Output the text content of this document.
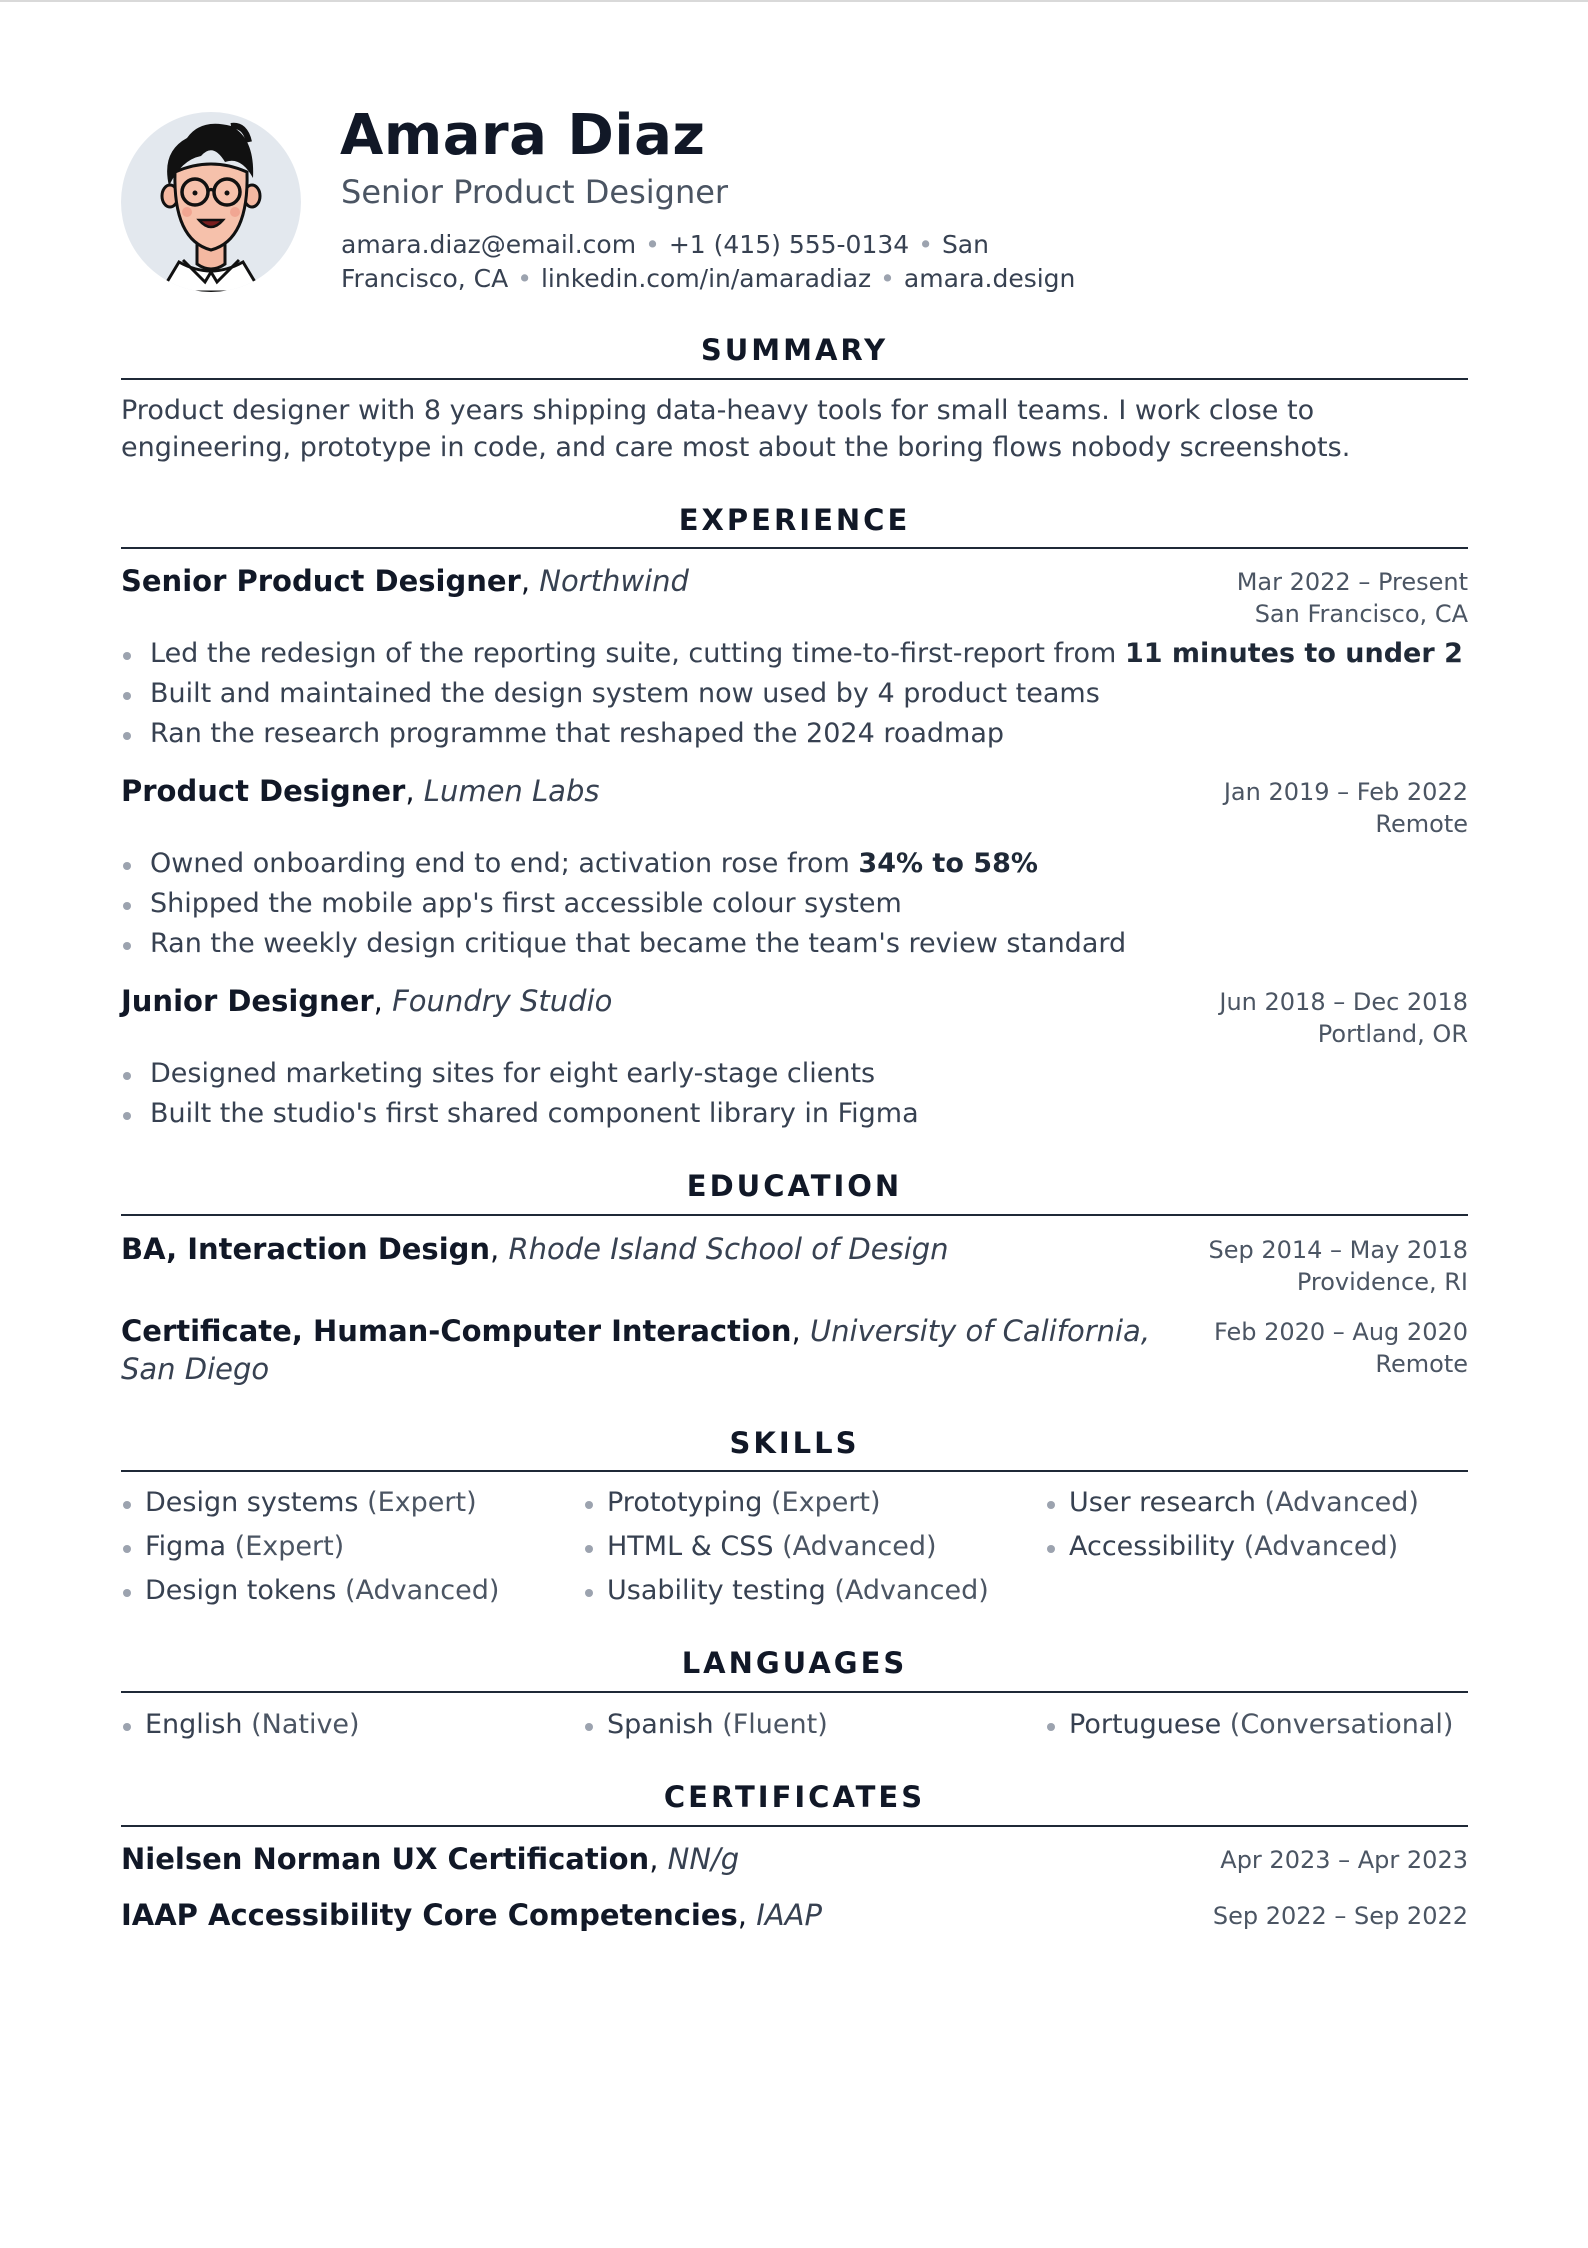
Amara Diaz
Senior Product Designer
amara.diaz@email.com • +1 (415) 555-0134 • San Francisco, CA • linkedin.com/in/amaradiaz • amara.design
SUMMARY

Product designer with 8 years shipping data-heavy tools for small teams. I work close to engineering, prototype in code, and care most about the boring flows nobody screenshots.

EXPERIENCE
Senior Product Designer, Northwind	Mar 2022 – Present
San Francisco, CA
Led the redesign of the reporting suite, cutting time-to-first-report from 11 minutes to under 2
Built and maintained the design system now used by 4 product teams
Ran the research programme that reshaped the 2024 roadmap
Product Designer, Lumen Labs	Jan 2019 – Feb 2022
Remote
Owned onboarding end to end; activation rose from 34% to 58%
Shipped the mobile app's first accessible colour system
Ran the weekly design critique that became the team's review standard
Junior Designer, Foundry Studio	Jun 2018 – Dec 2018
Portland, OR
Designed marketing sites for eight early-stage clients
Built the studio's first shared component library in Figma
EDUCATION
BA, Interaction Design, Rhode Island School of Design	Sep 2014 – May 2018
Providence, RI
Certificate, Human-Computer Interaction, University of California, San Diego
Feb 2020 – Aug 2020
Remote
SKILLS
Design systems (Expert)	Prototyping (Expert)	User research (Advanced)
Figma (Expert)	HTML & CSS (Advanced)	Accessibility (Advanced)
Design tokens (Advanced)	Usability testing (Advanced)
LANGUAGES
English (Native)	Spanish (Fluent)	Portuguese (Conversational)
CERTIFICATES
Nielsen Norman UX Certification, NN/g	Apr 2023 – Apr 2023
IAAP Accessibility Core Competencies, IAAP	Sep 2022 – Sep 2022
